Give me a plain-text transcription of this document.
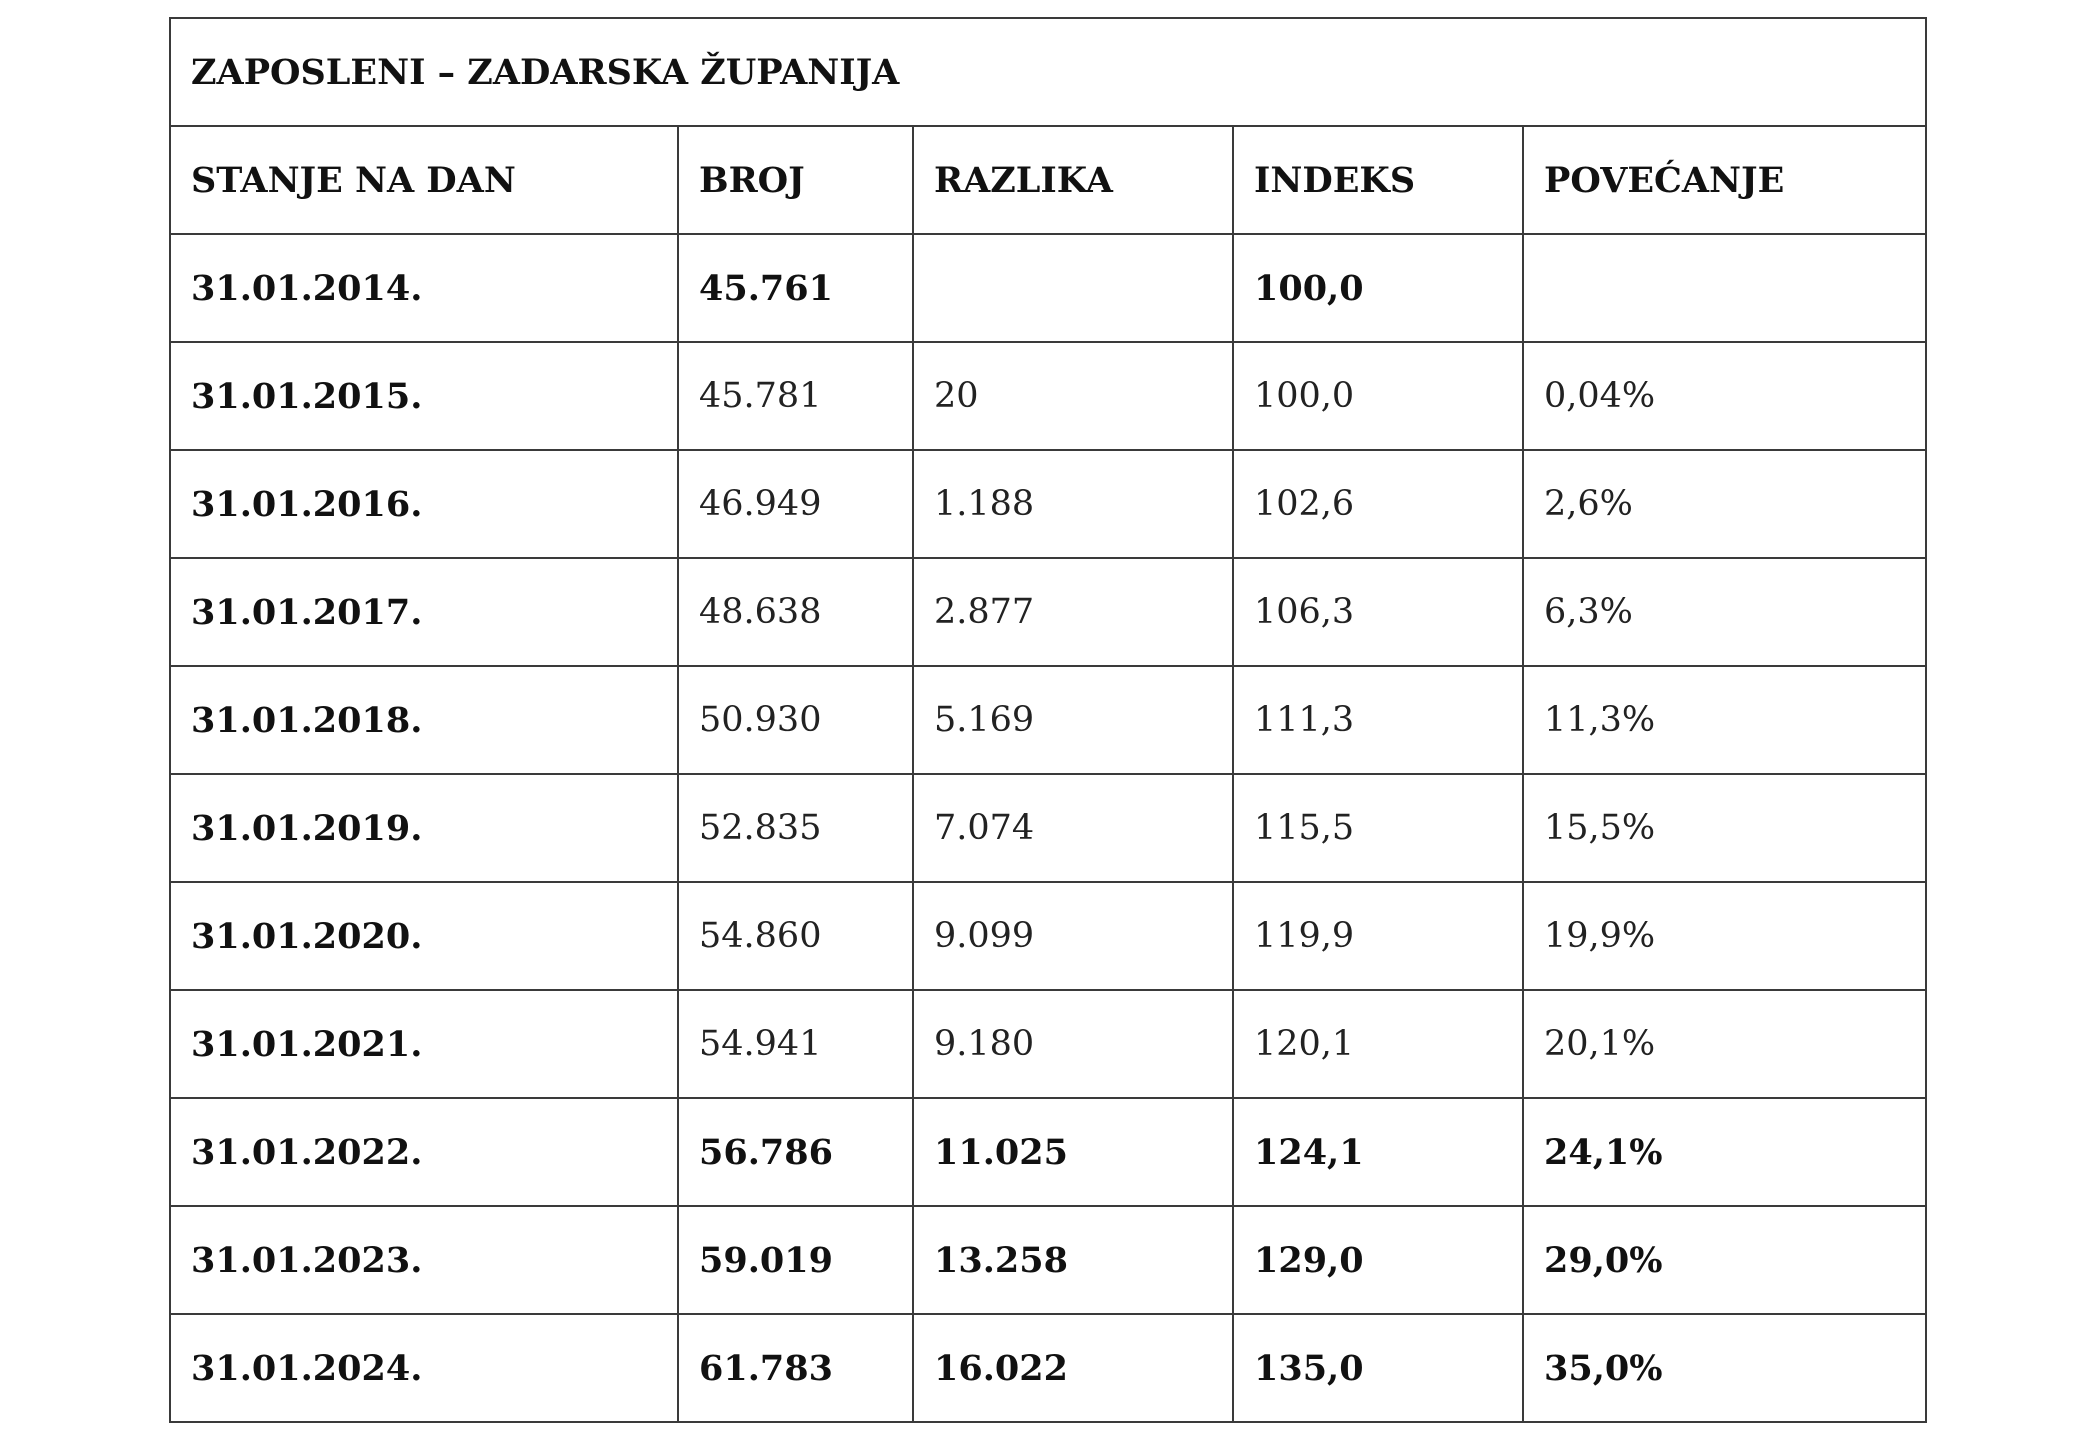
ZAPOSLENI – ZADARSKA ŽUPANIJA				
STANJE NA DAN	BROJ	RAZLIKA	INDEKS	POVEĆANJE
31.01.2014.	45.761		100,0	
31.01.2015.	45.781	20	100,0	0,04%
31.01.2016.	46.949	1.188	102,6	2,6%
31.01.2017.	48.638	2.877	106,3	6,3%
31.01.2018.	50.930	5.169	111,3	11,3%
31.01.2019.	52.835	7.074	115,5	15,5%
31.01.2020.	54.860	9.099	119,9	19,9%
31.01.2021.	54.941	9.180	120,1	20,1%
31.01.2022.	56.786	11.025	124,1	24,1%
31.01.2023.	59.019	13.258	129,0	29,0%
31.01.2024.	61.783	16.022	135,0	35,0%
